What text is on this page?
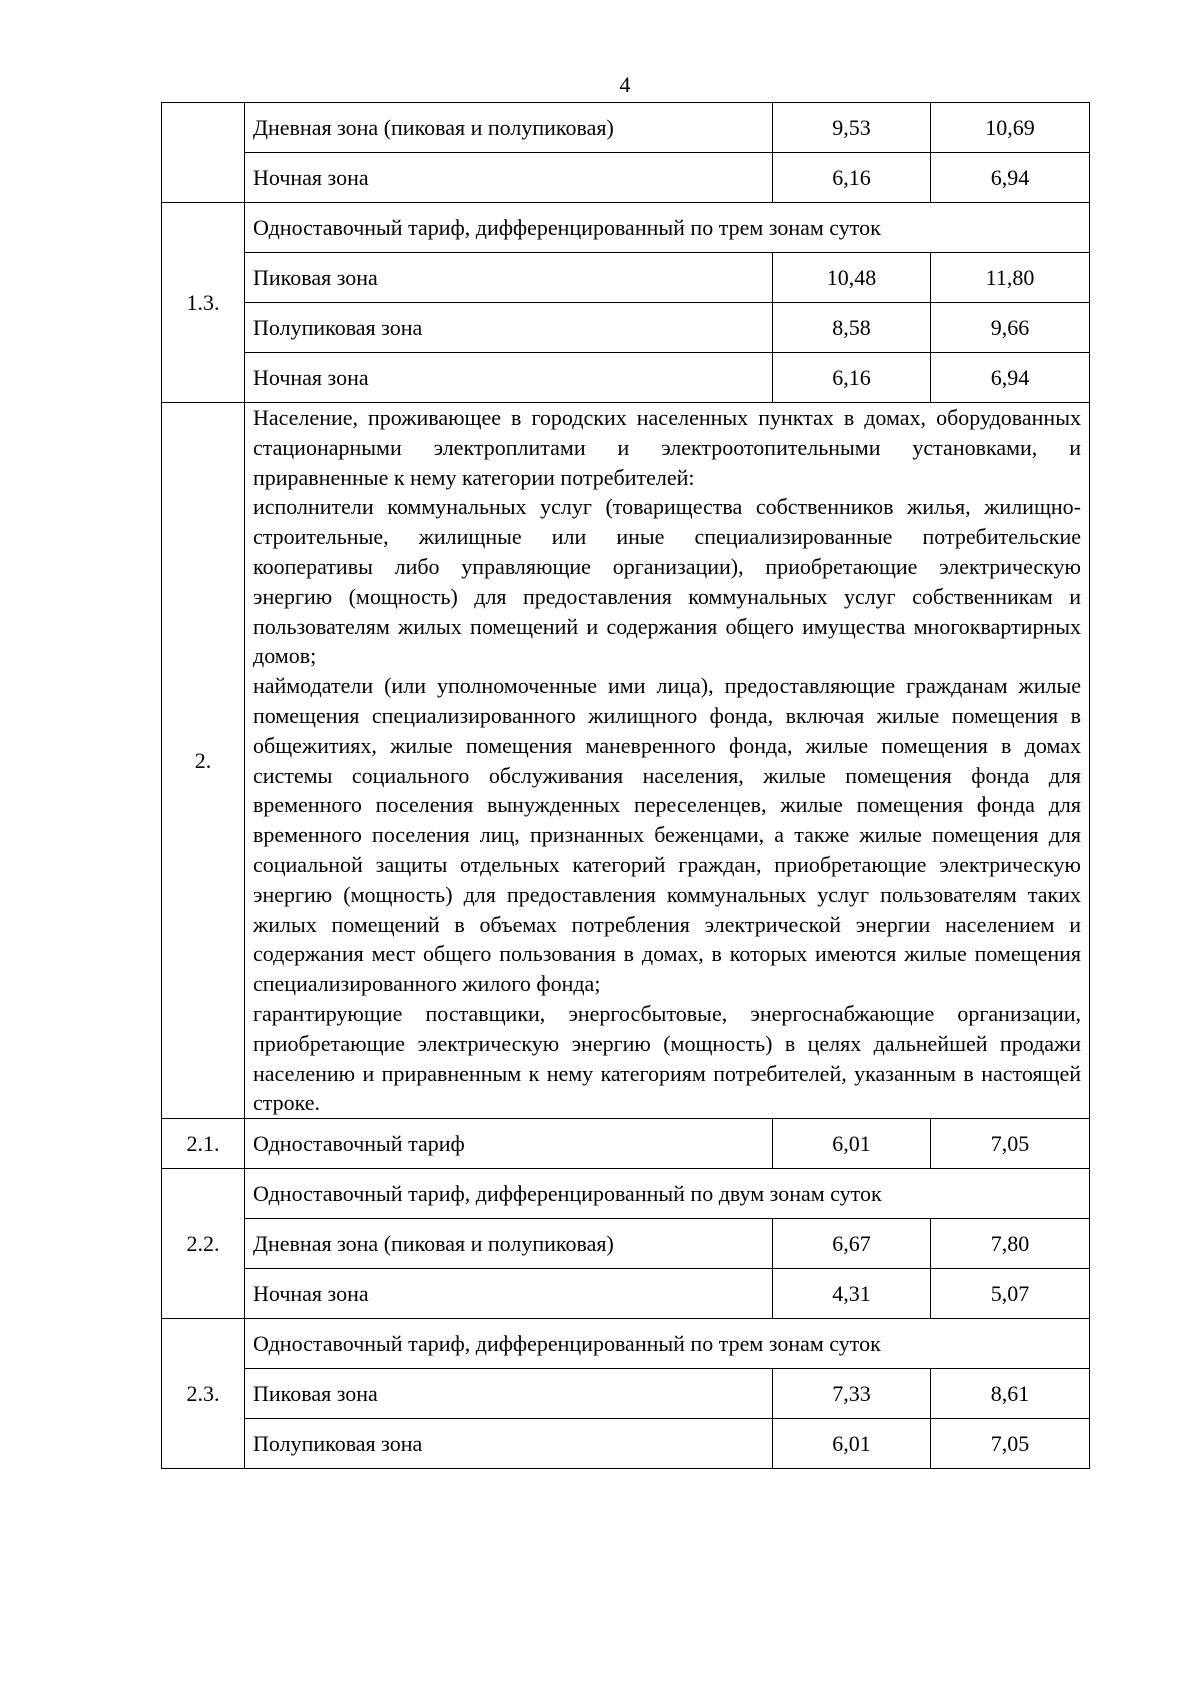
4
	Дневная зона (пиковая и полупиковая)	9,53	10,69
	Ночная зона	6,16	6,94
1.3.	Одноставочный тариф, дифференцированный по трем зонам суток		
	Пиковая зона	10,48	11,80
	Полупиковая зона	8,58	9,66
	Ночная зона	6,16	6,94
2.	Население, проживающее в городских населенных пунктах в домах, оборудованных стационарными электроплитами и электроотопительными установками, и приравненные к нему категории потребителей:

исполнители коммунальных услуг (товарищества собственников жилья, жилищно-строительные, жилищные или иные специализированные потребительские кооперативы либо управляющие организации), приобретающие электрическую энергию (мощность) для предоставления коммунальных услуг собственникам и пользователям жилых помещений и содержания общего имущества многоквартирных домов;

наймодатели (или уполномоченные ими лица), предоставляющие гражданам жилые помещения специализированного жилищного фонда, включая жилые помещения в общежитиях, жилые помещения маневренного фонда, жилые помещения в домах системы социального обслуживания населения, жилые помещения фонда для временного поселения вынужденных переселенцев, жилые помещения фонда для временного поселения лиц, признанных беженцами, а также жилые помещения для социальной защиты отдельных категорий граждан, приобретающие электрическую энергию (мощность) для предоставления коммунальных услуг пользователям таких жилых помещений в объемах потребления электрической энергии населением и содержания мест общего пользования в домах, в которых имеются жилые помещения специализированного жилого фонда;

гарантирующие поставщики, энергосбытовые, энергоснабжающие организации, приобретающие электрическую энергию (мощность) в целях дальнейшей продажи населению и приравненным к нему категориям потребителей, указанным в настоящей строке.		

2.1.	Одноставочный тариф	6,01	7,05
2.2.	Одноставочный тариф, дифференцированный по двум зонам суток		
	Дневная зона (пиковая и полупиковая)	6,67	7,80
	Ночная зона	4,31	5,07
2.3.	Одноставочный тариф, дифференцированный по трем зонам суток		
	Пиковая зона	7,33	8,61
	Полупиковая зона	6,01	7,05
